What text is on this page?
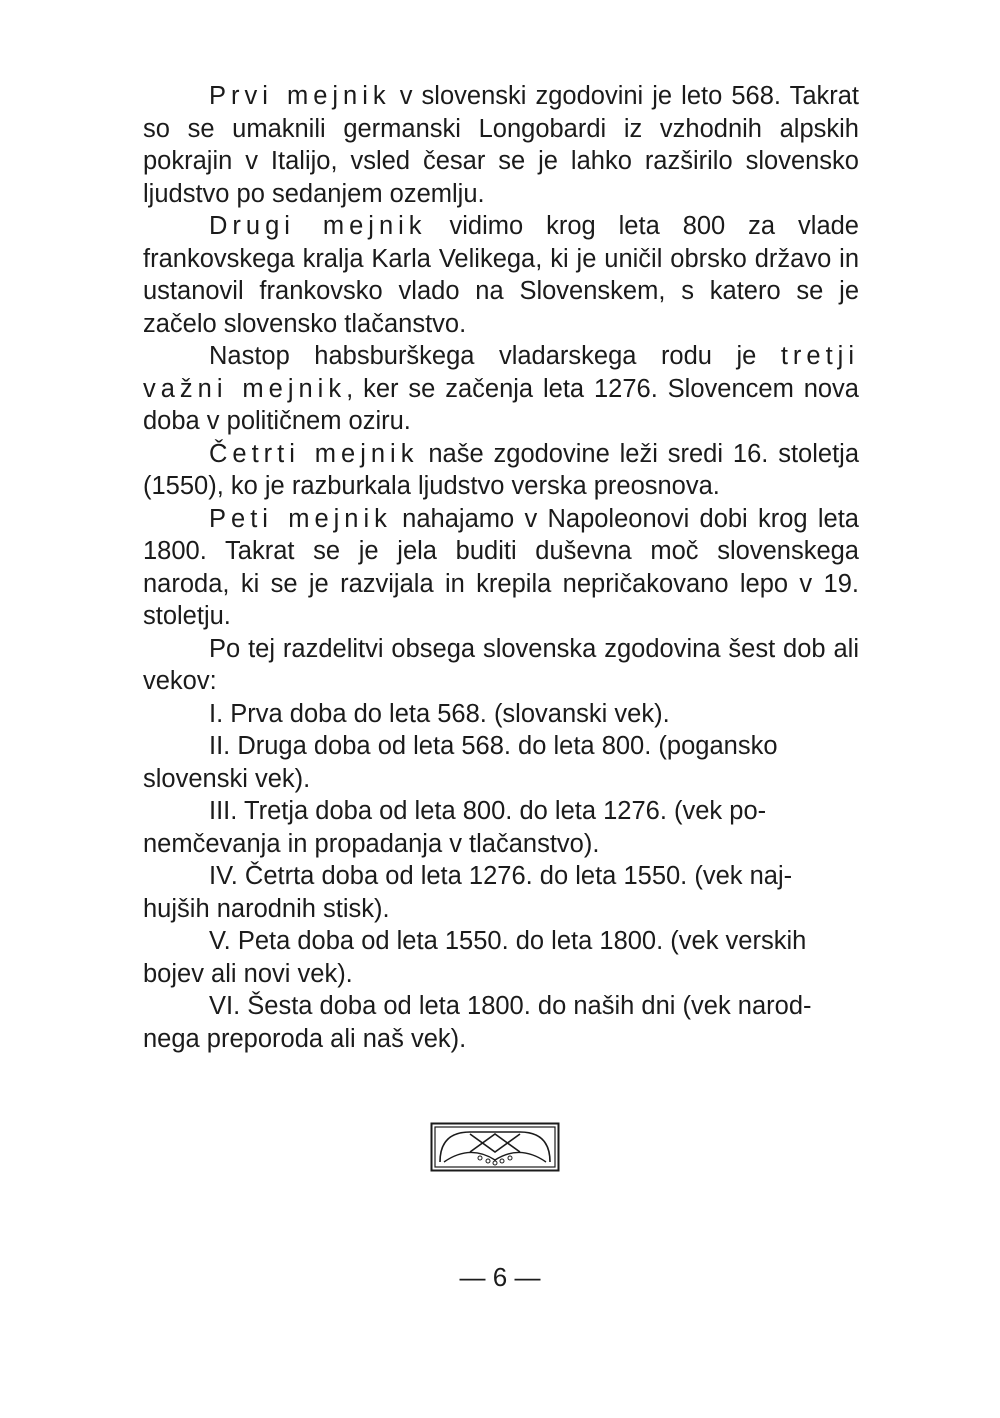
Prvi mejnik v slovenski zgodovini je leto 568. Takrat so se umaknili germanski Longobardi iz vzhodnih alpskih pokrajin v Italijo, vsled česar se je lahko razširilo slovensko ljudstvo po sedanjem ozemlju.

Drugi mejnik vidimo krog leta 800 za vlade frankovskega kralja Karla Velikega, ki je uničil obrsko državo in ustanovil frankovsko vlado na Slovenskem, s katero se je začelo slovensko tlačanstvo.

Nastop habsburškega vladarskega rodu je tretji važni mejnik, ker se začenja leta 1276. Slovencem nova doba v političnem oziru.

Četrti mejnik naše zgodovine leži sredi 16. stoletja (1550), ko je razburkala ljudstvo verska preosnova.

Peti mejnik nahajamo v Napoleonovi dobi krog leta 1800. Takrat se je jela buditi duševna moč slovenskega naroda, ki se je razvijala in krepila nepričakovano lepo v 19. stoletju.

Po tej razdelitvi obsega slovenska zgodovina šest dob ali vekov:

I. Prva doba do leta 568. (slovanski vek).

II. Druga doba od leta 568. do leta 800. (pogansko
slovenski vek).

III. Tretja doba od leta 800. do leta 1276. (vek po-
nemčevanja in propadanja v tlačanstvo).

IV. Četrta doba od leta 1276. do leta 1550. (vek naj-
hujših narodnih stisk).

V. Peta doba od leta 1550. do leta 1800. (vek verskih
bojev ali novi vek).

VI. Šesta doba od leta 1800. do naših dni (vek narod-
nega preporoda ali naš vek).

— 6 —
